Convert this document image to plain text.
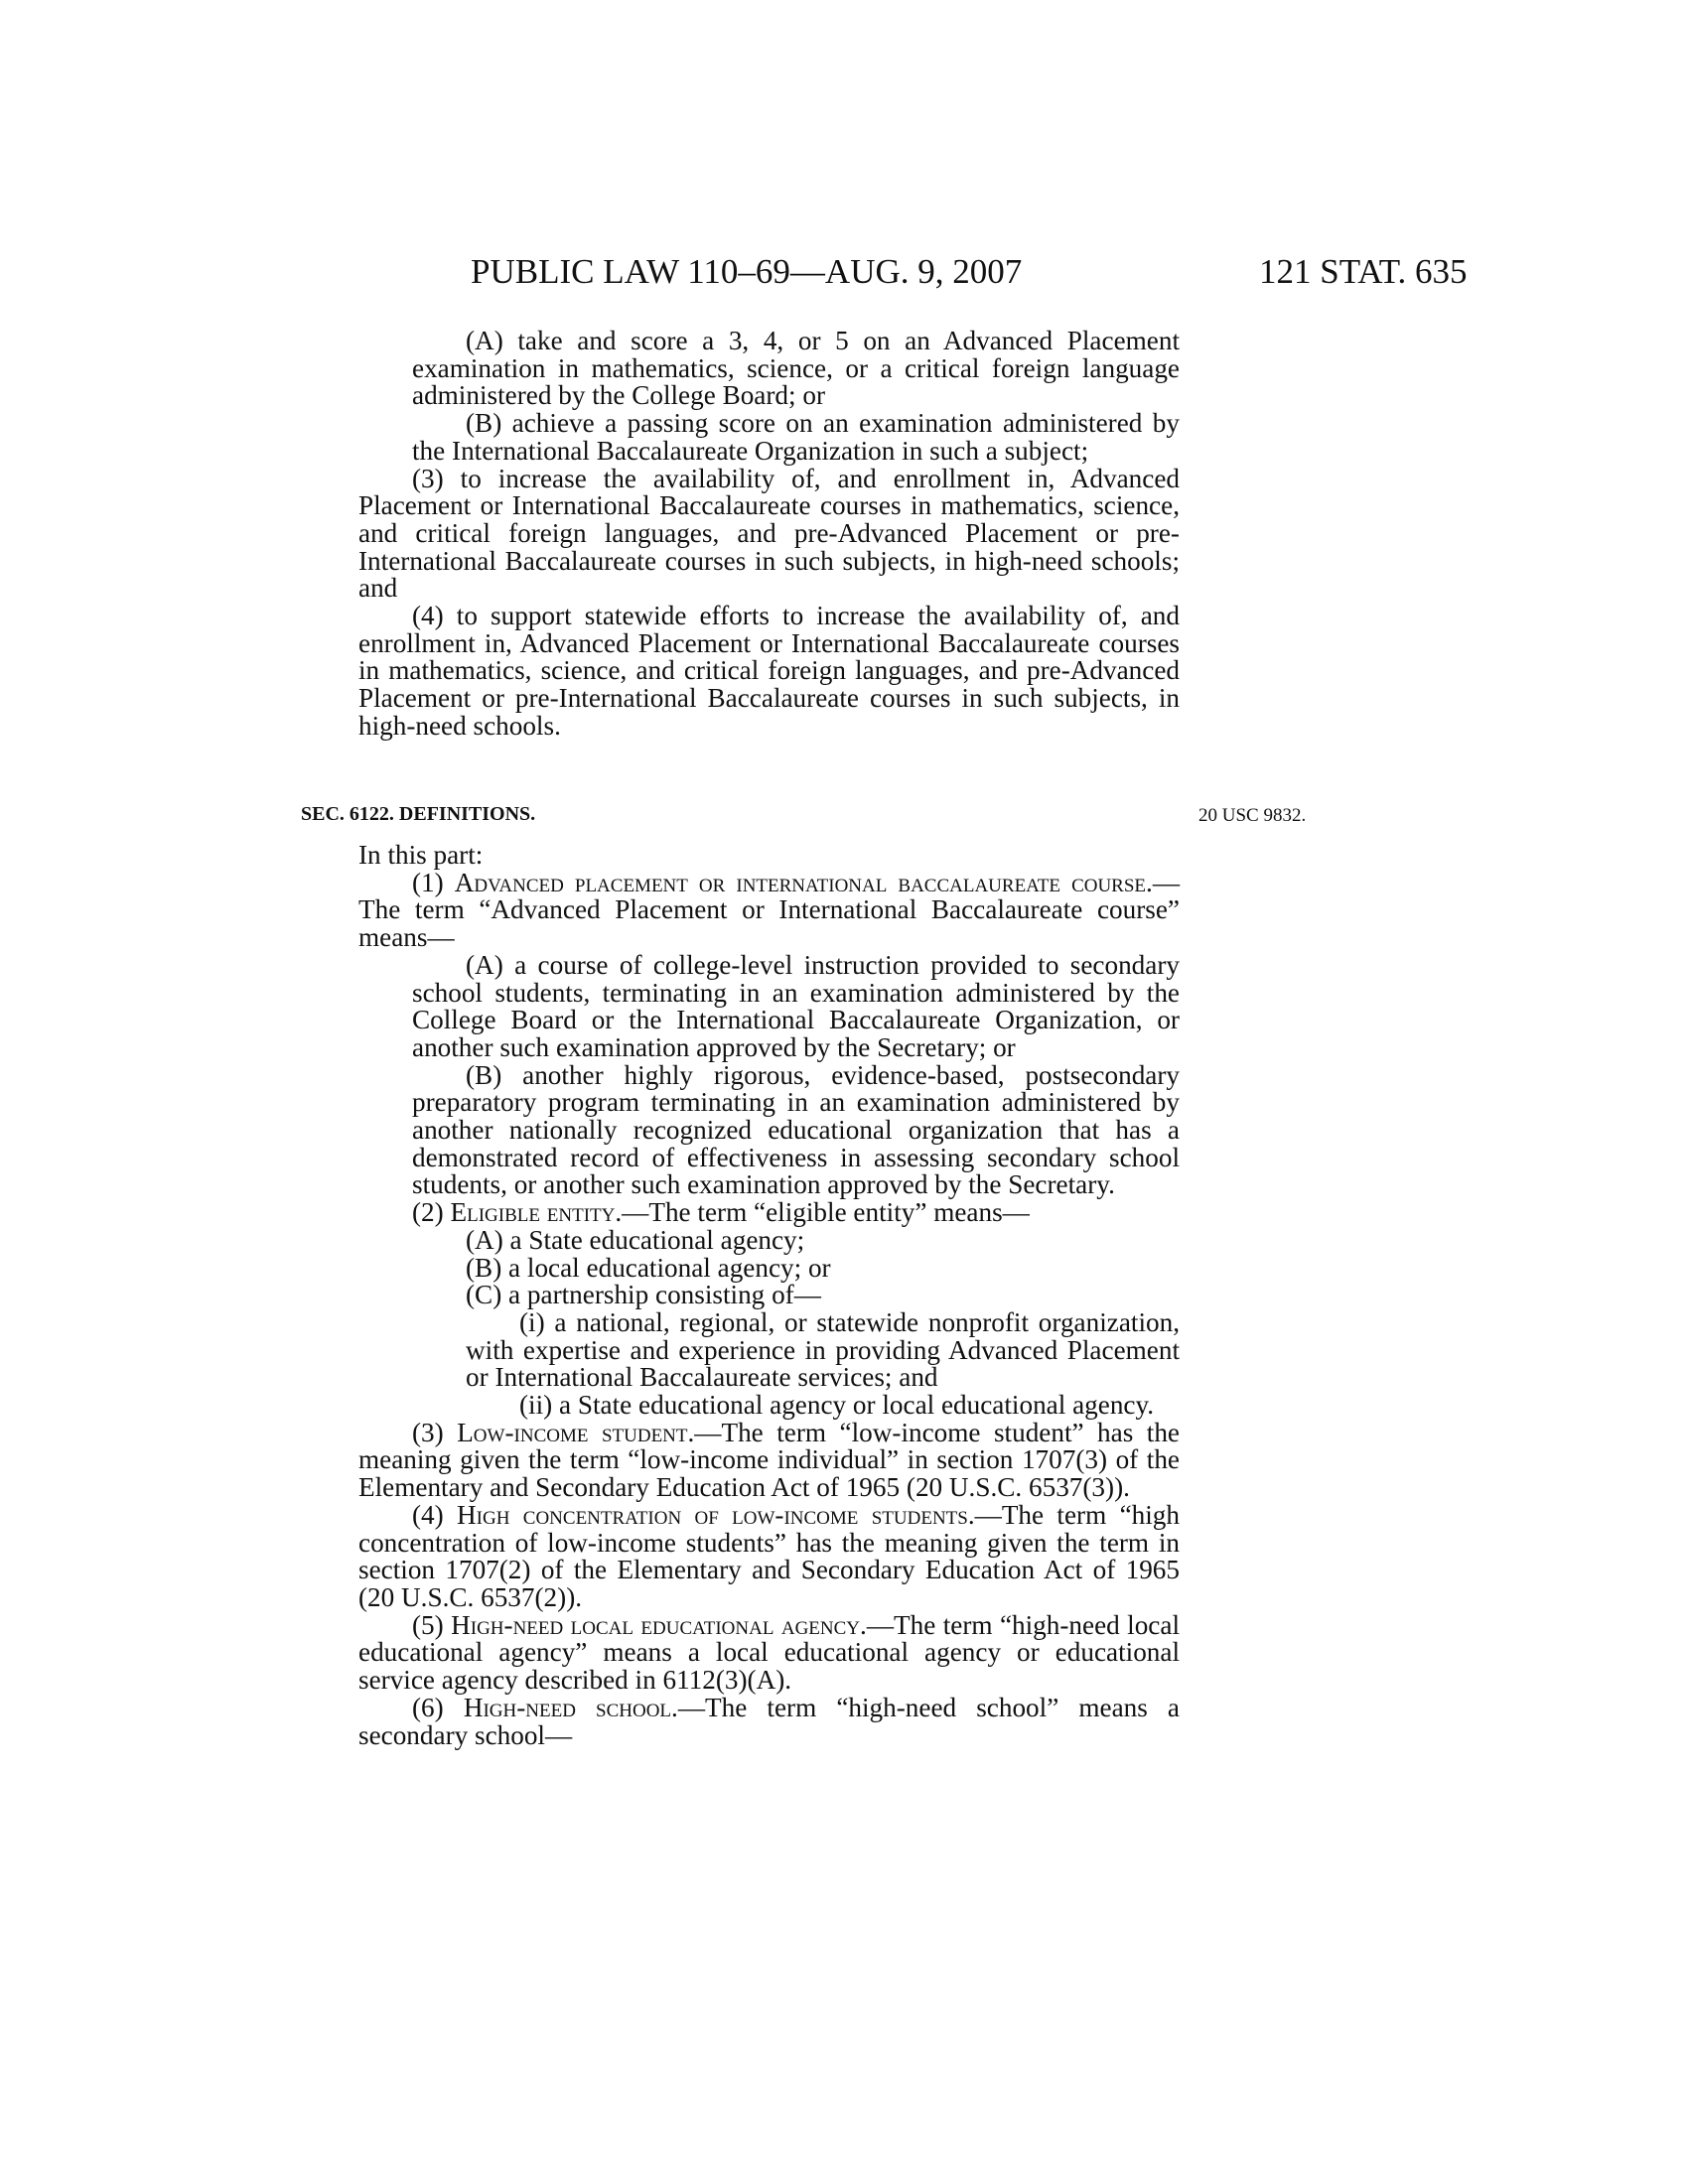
PUBLIC LAW 110–69—AUG. 9, 2007	121 STAT. 635

(A) take and score a 3, 4, or 5 on an Advanced Placement examination in mathematics, science, or a critical foreign language administered by the College Board; or

(B) achieve a passing score on an examination administered by the International Baccalaureate Organization in such a subject;

(3) to increase the availability of, and enrollment in, Advanced Placement or International Baccalaureate courses in mathematics, science, and critical foreign languages, and pre-Advanced Placement or pre-International Baccalaureate courses in such subjects, in high-need schools; and

(4) to support statewide efforts to increase the availability of, and enrollment in, Advanced Placement or International Baccalaureate courses in mathematics, science, and critical foreign languages, and pre-Advanced Placement or pre-International Baccalaureate courses in such subjects, in high-need schools.

SEC. 6122. DEFINITIONS.	20 USC 9832.

In this part:

(1) Advanced placement or international baccalaureate course.—The term “Advanced Placement or International Baccalaureate course” means—

(A) a course of college-level instruction provided to secondary school students, terminating in an examination administered by the College Board or the International Baccalaureate Organization, or another such examination approved by the Secretary; or

(B) another highly rigorous, evidence-based, postsecondary preparatory program terminating in an examination administered by another nationally recognized educational organization that has a demonstrated record of effectiveness in assessing secondary school students, or another such examination approved by the Secretary.

(2) Eligible entity.—The term “eligible entity” means—

(A) a State educational agency;

(B) a local educational agency; or

(C) a partnership consisting of—

(i) a national, regional, or statewide nonprofit organization, with expertise and experience in providing Advanced Placement or International Baccalaureate services; and

(ii) a State educational agency or local educational agency.

(3) Low-income student.—The term “low-income student” has the meaning given the term “low-income individual” in section 1707(3) of the Elementary and Secondary Education Act of 1965 (20 U.S.C. 6537(3)).

(4) High concentration of low-income students.—The term “high concentration of low-income students” has the meaning given the term in section 1707(2) of the Elementary and Secondary Education Act of 1965 (20 U.S.C. 6537(2)).

(5) High-need local educational agency.—The term “high-need local educational agency” means a local educational agency or educational service agency described in 6112(3)(A).

(6) High-need school.—The term “high-need school” means a secondary school—
